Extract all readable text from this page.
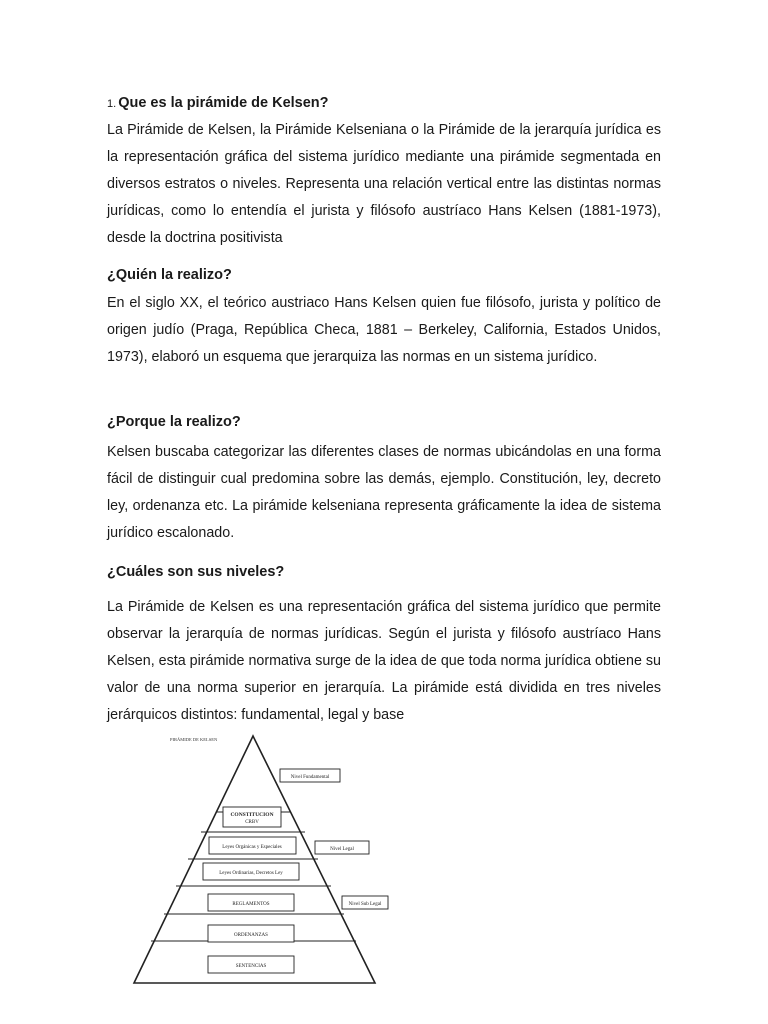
1. Que es la pirámide de Kelsen?

La Pirámide de Kelsen, la Pirámide Kelseniana o la Pirámide de la jerarquía jurídica es la representación gráfica del sistema jurídico mediante una pirámide segmentada en diversos estratos o niveles. Representa una relación vertical entre las distintas normas jurídicas, como lo entendía el jurista y filósofo austríaco Hans Kelsen (1881-1973), desde la doctrina positivista

¿Quién la realizo?

En el siglo XX, el teórico austriaco Hans Kelsen quien fue filósofo, jurista y político de origen judío (Praga, República Checa, 1881 – Berkeley, California, Estados Unidos, 1973), elaboró un esquema que jerarquiza las normas en un sistema jurídico.

¿Porque la realizo?

Kelsen buscaba categorizar las diferentes clases de normas ubicándolas en una forma fácil de distinguir cual predomina sobre las demás, ejemplo. Constitución, ley, decreto ley, ordenanza etc. La pirámide kelseniana representa gráficamente la idea de sistema jurídico escalonado.

¿Cuáles son sus niveles?

La Pirámide de Kelsen es una representación gráfica del sistema jurídico que permite observar la jerarquía de normas jurídicas. Según el jurista y filósofo austríaco Hans Kelsen, esta pirámide normativa surge de la idea de que toda norma jurídica obtiene su valor de una norma superior en jerarquía. La pirámide está dividida en tres niveles jerárquicos distintos: fundamental, legal y base

PIRÁMIDE DE KELSEN
CONSTITUCION
CRBV
Leyes Orgánicas y Especiales
Leyes Ordinarias, Decretos Ley
REGLAMENTOS
ORDENANZAS
SENTENCIAS
Nivel Fundamental
Nivel Legal
Nivel Sub Legal
